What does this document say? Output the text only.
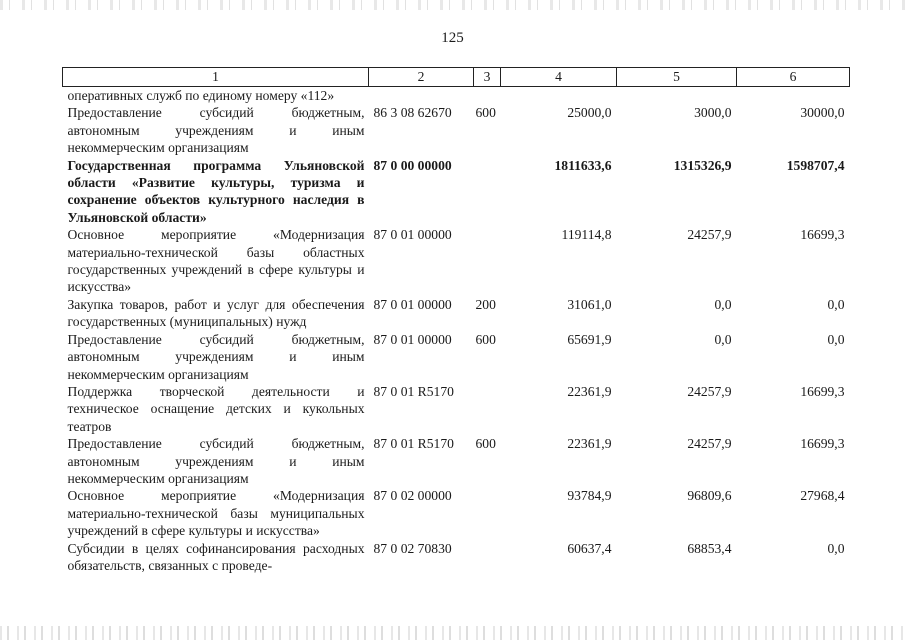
125
1	2	3	4	5	6
оперативных служб по единому номеру «112»					
Предоставление субсидий бюджетным, автономным учреждениям и иным некоммерческим организациям	86 3 08 62670	600	25000,0	3000,0	30000,0
Государственная программа Ульяновской области «Развитие культуры, туризма и сохранение объектов культурного наследия в Ульяновской области»	87 0 00 00000		1811633,6	1315326,9	1598707,4
Основное мероприятие «Модернизация материально-технической базы областных государственных учреждений в сфере культуры и искусства»	87 0 01 00000		119114,8	24257,9	16699,3
Закупка товаров, работ и услуг для обеспечения государственных (муниципальных) нужд	87 0 01 00000	200	31061,0	0,0	0,0
Предоставление субсидий бюджетным, автономным учреждениям и иным некоммерческим организациям	87 0 01 00000	600	65691,9	0,0	0,0
Поддержка творческой деятельности и техническое оснащение детских и кукольных театров	87 0 01 R5170		22361,9	24257,9	16699,3
Предоставление субсидий бюджетным, автономным учреждениям и иным некоммерческим организациям	87 0 01 R5170	600	22361,9	24257,9	16699,3
Основное мероприятие «Модернизация материально-технической базы муниципальных учреждений в сфере культуры и искусства»	87 0 02 00000		93784,9	96809,6	27968,4
Субсидии в целях софинансирования расходных обязательств, связанных с проведе-	87 0 02 70830		60637,4	68853,4	0,0
